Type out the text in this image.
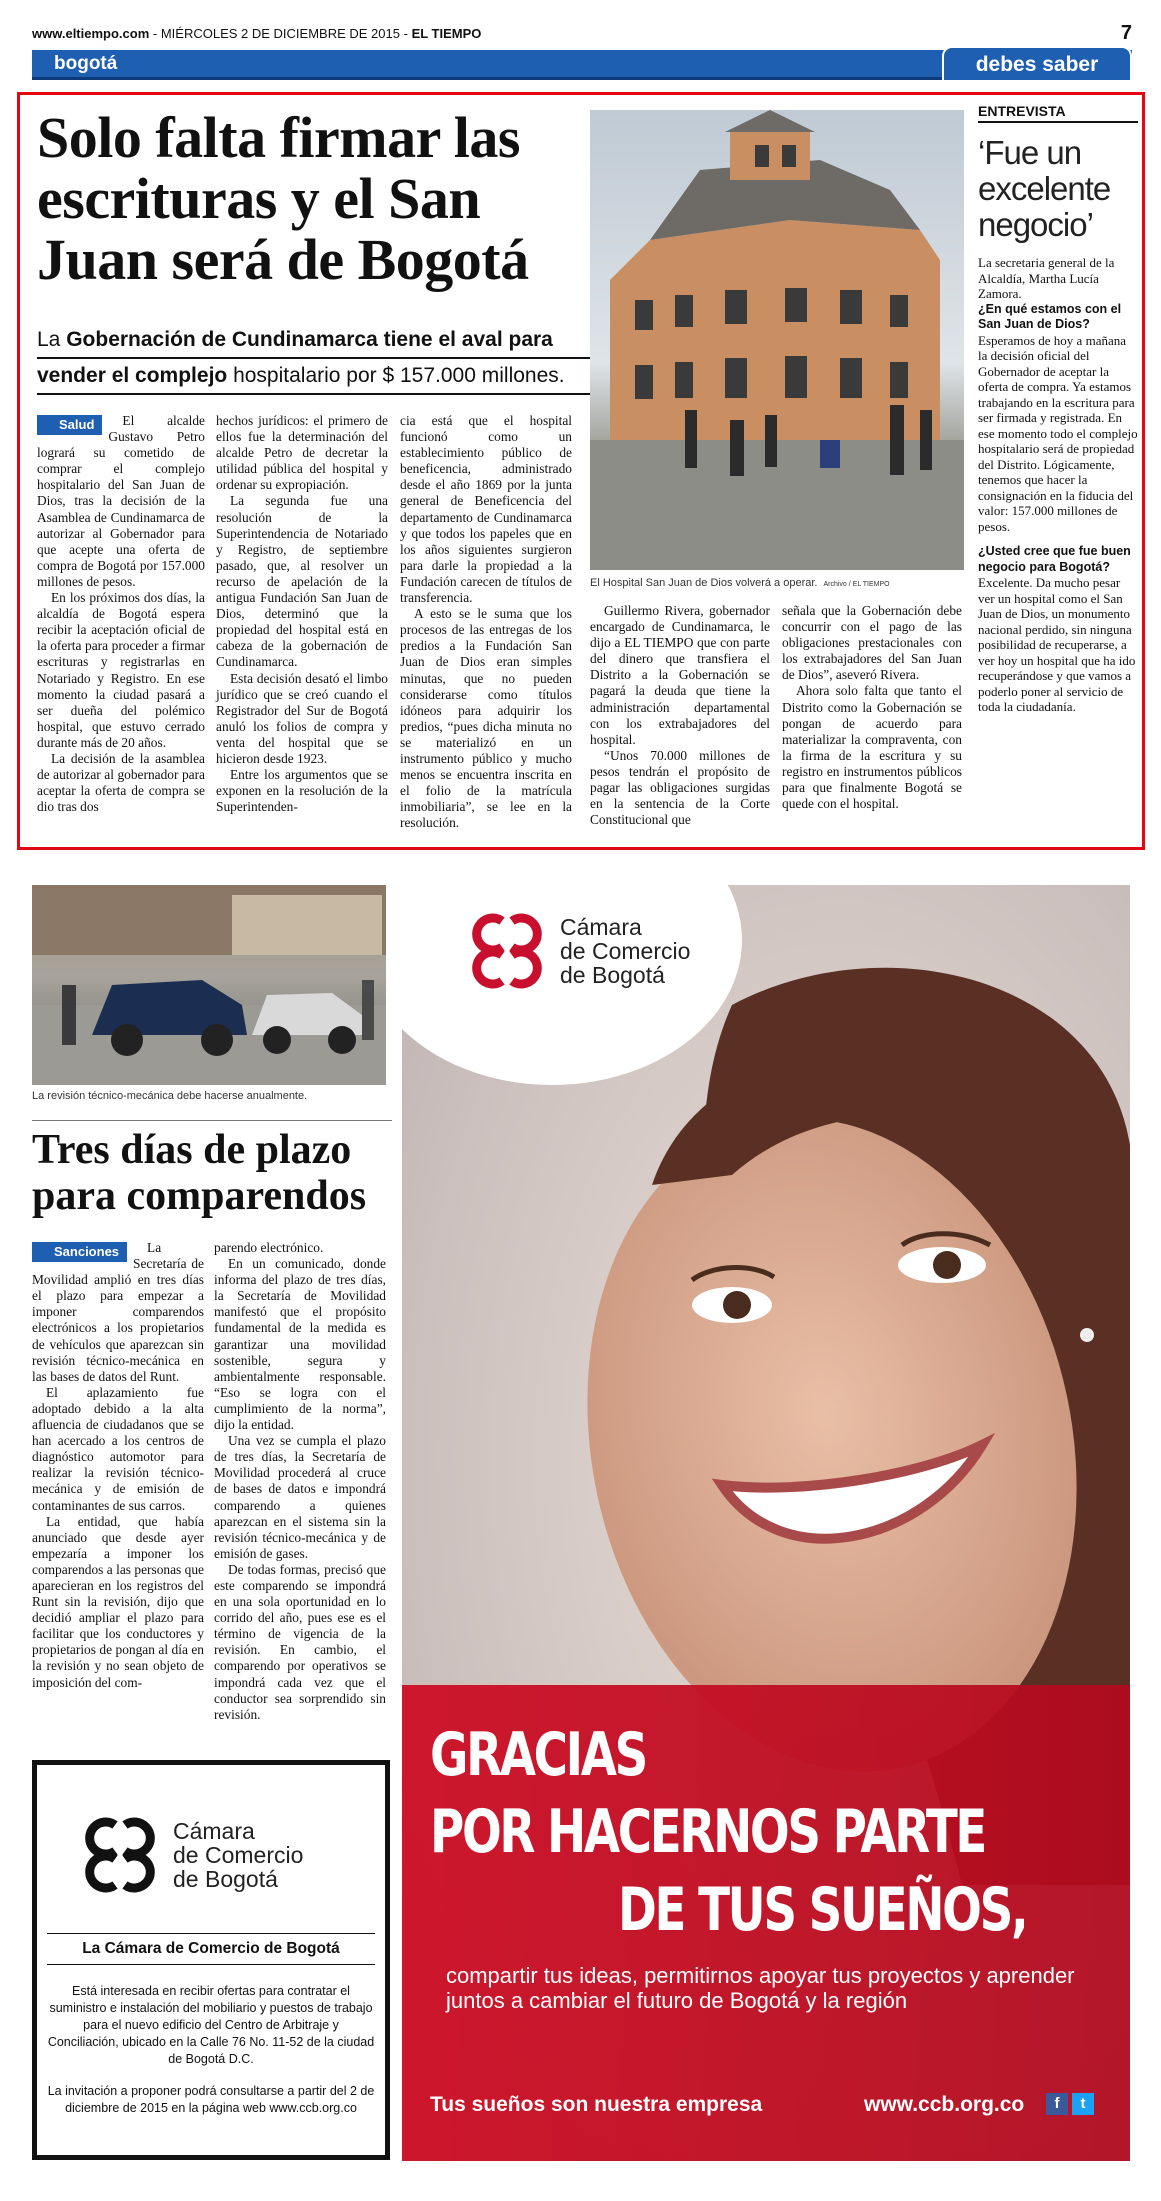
www.eltiempo.com - MIÉRCOLES 2 DE DICIEMBRE DE 2015 - EL TIEMPO	7
bogotá	debes saber
Solo falta firmar las escrituras y el San Juan será de Bogotá
La Gobernación de Cundinamarca tiene el aval para
vender el complejo hospitalario por $ 157.000 millones.

Salud	El alcalde Gustavo Petro logrará su cometido de comprar el complejo hospitalario del San Juan de Dios, tras la decisión de la Asamblea de Cundinamarca de autorizar al Gobernador para que acepte una oferta de compra de Bogotá por 157.000 millones de pesos.

En los próximos dos días, la alcaldía de Bogotá espera recibir la aceptación oficial de la oferta para proceder a firmar escrituras y registrarlas en Notariado y Registro. En ese momento la ciudad pasará a ser dueña del polémico hospital, que estuvo cerrado durante más de 20 años.

La decisión de la asamblea de autorizar al gobernador para aceptar la oferta de compra se dio tras dos

hechos jurídicos: el primero de ellos fue la determinación del alcalde Petro de decretar la utilidad pública del hospital y ordenar su expropiación.

La segunda fue una resolución de la Superintendencia de Notariado y Registro, de septiembre pasado, que, al resolver un recurso de apelación de la antigua Fundación San Juan de Dios, determinó que la propiedad del hospital está en cabeza de la gobernación de Cundinamarca.

Esta decisión desató el limbo jurídico que se creó cuando el Registrador del Sur de Bogotá anuló los folios de compra y venta del hospital que se hicieron desde 1923.

Entre los argumentos que se exponen en la resolución de la Superintenden-

cia está que el hospital funcionó como un establecimiento público de beneficencia, administrado desde el año 1869 por la junta general de Beneficencia del departamento de Cundinamarca y que todos los papeles que en los años siguientes surgieron para darle la propiedad a la Fundación carecen de títulos de transferencia.

A esto se le suma que los procesos de las entregas de los predios a la Fundación San Juan de Dios eran simples minutas, que no pueden considerarse como títulos idóneos para adquirir los predios, “pues dicha minuta no se materializó en un instrumento público y mucho menos se encuentra inscrita en el folio de la matrícula inmobiliaria”, se lee en la resolución.

Guillermo Rivera, gobernador encargado de Cundinamarca, le dijo a EL TIEMPO que con parte del dinero que transfiera el Distrito a la Gobernación se pagará la deuda que tiene la administración departamental con los extrabajadores del hospital.

“Unos 70.000 millones de pesos tendrán el propósito de pagar las obligaciones surgidas en la sentencia de la Corte Constitucional que

señala que la Gobernación debe concurrir con el pago de las obligaciones prestacionales con los extrabajadores del San Juan de Dios”, aseveró Rivera.

Ahora solo falta que tanto el Distrito como la Gobernación se pongan de acuerdo para materializar la compraventa, con la firma de la escritura y su registro en instrumentos públicos para que finalmente Bogotá se quede con el hospital.

El Hospital San Juan de Dios volverá a operar. Archivo / EL TIEMPO
ENTREVISTA
‘Fue un excelente negocio’
La secretaria general de la Alcaldía, Martha Lucía Zamora.
¿En qué estamos con el San Juan de Dios?
Esperamos de hoy a mañana la decisión oficial del Gobernador de aceptar la oferta de compra. Ya estamos trabajando en la escritura para ser firmada y registrada. En ese momento todo el complejo hospitalario será de propiedad del Distrito. Lógicamente, tenemos que hacer la consignación en la fiducia del valor: 157.000 millones de pesos.
¿Usted cree que fue buen negocio para Bogotá?
Excelente. Da mucho pesar ver un hospital como el San Juan de Dios, un monumento nacional perdido, sin ninguna posibilidad de recuperarse, a ver hoy un hospital que ha ido recuperándose y que vamos a poderlo poner al servicio de toda la ciudadanía.
La revisión técnico-mecánica debe hacerse anualmente.
Tres días de plazo para comparendos

Sanciones	La Secretaría de Movilidad amplió en tres días el plazo para empezar a imponer comparendos electrónicos a los propietarios de vehículos que aparezcan sin revisión técnico-mecánica en las bases de datos del Runt.

El aplazamiento fue adoptado debido a la alta afluencia de ciudadanos que se han acercado a los centros de diagnóstico automotor para realizar la revisión técnico-mecánica y de emisión de contaminantes de sus carros.

La entidad, que había anunciado que desde ayer empezaría a imponer los comparendos a las personas que aparecieran en los registros del Runt sin la revisión, dijo que decidió ampliar el plazo para facilitar que los conductores y propietarios de pongan al día en la revisión y no sean objeto de imposición del com-

parendo electrónico.

En un comunicado, donde informa del plazo de tres días, la Secretaría de Movilidad manifestó que el propósito fundamental de la medida es garantizar una movilidad sostenible, segura y ambientalmente responsable. “Eso se logra con el cumplimiento de la norma”, dijo la entidad.

Una vez se cumpla el plazo de tres días, la Secretaría de Movilidad procederá al cruce de bases de datos e impondrá comparendo a quienes aparezcan en el sistema sin la revisión técnico-mecánica y de emisión de gases.

De todas formas, precisó que este comparendo se impondrá en una sola oportunidad en lo corrido del año, pues ese es el término de vigencia de la revisión. En cambio, el comparendo por operativos se impondrá cada vez que el conductor sea sorprendido sin revisión.

Cámara
de Comercio
de Bogotá
La Cámara de Comercio de Bogotá
Está interesada en recibir ofertas para contratar el suministro e instalación del mobiliario y puestos de trabajo para el nuevo edificio del Centro de Arbitraje y Conciliación, ubicado en la Calle 76 No. 11-52 de la ciudad de Bogotá D.C.
La invitación a proponer podrá consultarse a partir del 2 de diciembre de 2015 en la página web www.ccb.org.co
Cámara
de Comercio
de Bogotá
GRACIAS
POR HACERNOS PARTE
DE TUS SUEÑOS,
compartir tus ideas, permitirnos apoyar tus proyectos y aprender juntos a cambiar el futuro de Bogotá y la región
Tus sueños son nuestra empresa	www.ccb.org.co	f	t
